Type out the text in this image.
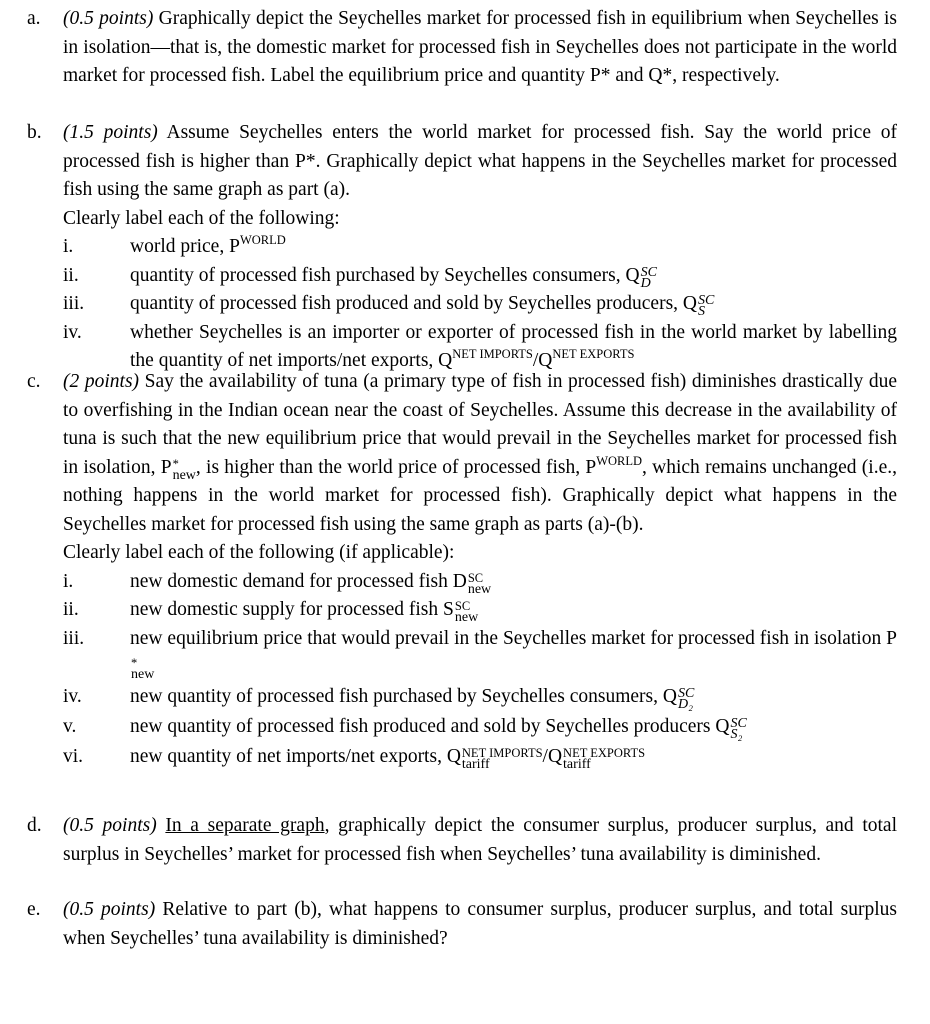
a. (0.5 points) Graphically depict the Seychelles market for processed fish in equilibrium when Seychelles is in isolation—that is, the domestic market for processed fish in Seychelles does not participate in the world market for processed fish. Label the equilibrium price and quantity P* and Q*, respectively.

b. (1.5 points) Assume Seychelles enters the world market for processed fish. Say the world price of processed fish is higher than P*. Graphically depict what happens in the Seychelles market for processed fish using the same graph as part (a).

Clearly label each of the following:

i.	world price, $P^{WORLD}$
ii.	quantity of processed fish purchased by Seychelles consumers, Q SC
D
iii. quantity of processed fish produced and sold by Seychelles producers, Q SC
S
iv. whether Seychelles is an importer or exporter of processed fish in the world market by labelling the quantity of net imports/net exports, $Q^{NET IMPORTS}/Q^{NET EXPORTS}$
c. (2 points) Say the availability of tuna (a primary type of fish in processed fish) diminishes drastically due to overfishing in the Indian ocean near the coast of Seychelles. Assume this decrease in the availability of tuna is such that the new equilibrium price that would prevail in the Seychelles market for processed fish in isolation, P *
new , is higher than the world price of processed fish, $P^{WORLD}$, which remains unchanged (i.e., nothing happens in the world market for processed fish). Graphically depict what happens in the Seychelles market for processed fish using the same graph as parts (a)-(b).

Clearly label each of the following (if applicable):

i.	new domestic demand for processed fish D SC
new
ii.	new domestic supply for processed fish S SC
new
iii. new equilibrium price that would prevail in the Seychelles market for processed fish in isolation P
*
new
iv. new quantity of processed fish purchased by Seychelles consumers, Q SC
D₂
v.	new quantity of processed fish produced and sold by Seychelles producers Q SC
S₂
vi. new quantity of net imports/net exports, Q NET IMPORTS
tariff	/Q NET EXPORTS
tariff
d. (0.5 points) In a separate graph, graphically depict the consumer surplus, producer surplus, and total surplus in Seychelles’ market for processed fish when Seychelles’ tuna availability is diminished.

e. (0.5 points) Relative to part (b), what happens to consumer surplus, producer surplus, and total surplus when Seychelles’ tuna availability is diminished?
